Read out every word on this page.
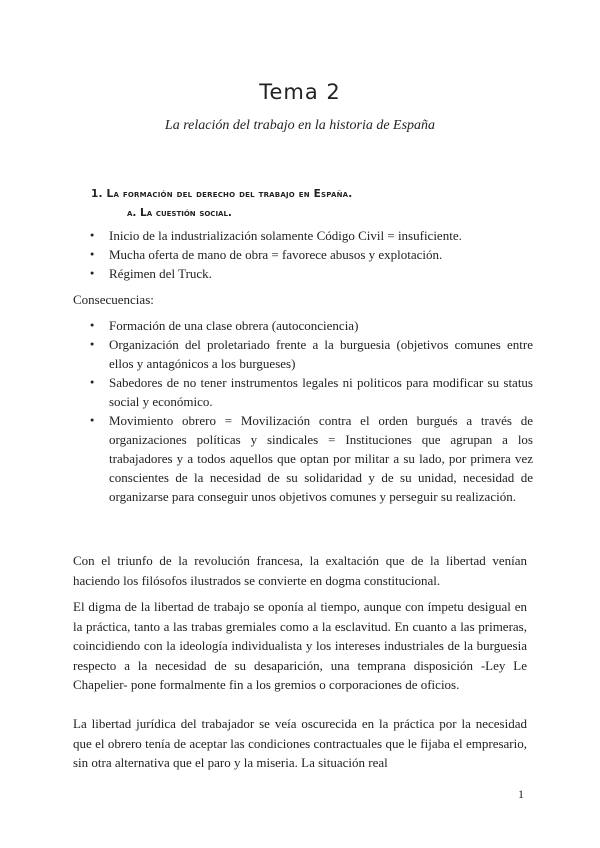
Tema 2
La relación del trabajo en la historia de España
1. La formación del derecho del trabajo en España.
a. La cuestión social.
● Inicio de la industrialización solamente Código Civil = insuficiente.
● Mucha oferta de mano de obra = favorece abusos y explotación.
● Régimen del Truck.

Consecuencias:

● Formación de una clase obrera (autoconciencia)
● Organización del proletariado frente a la burguesia (objetivos comunes entre ellos y antagónicos a los burgueses)
● Sabedores de no tener instrumentos legales ni politicos para modificar su status social y económico.
● Movimiento obrero = Movilización contra el orden burgués a través de organizaciones políticas y sindicales = Instituciones que agrupan a los trabajadores y a todos aquellos que optan por militar a su lado, por primera vez conscientes de la necesidad de su solidaridad y de su unidad, necesidad de organizarse para conseguir unos objetivos comunes y perseguir su realización.

Con el triunfo de la revolución francesa, la exaltación que de la libertad venían haciendo los filósofos ilustrados se convierte en dogma constitucional.

El digma de la libertad de trabajo se oponía al tiempo, aunque con ímpetu desigual en la práctica, tanto a las trabas gremiales como a la esclavitud. En cuanto a las primeras, coincidiendo con la ideología individualista y los intereses industriales de la burguesia respecto a la necesidad de su desaparición, una temprana disposición -Ley Le Chapelier- pone formalmente fin a los gremios o corporaciones de oficios.

La libertad jurídica del trabajador se veía oscurecida en la práctica por la necesidad que el obrero tenía de aceptar las condiciones contractuales que le fijaba el empresario, sin otra alternativa que el paro y la miseria. La situación real

1
